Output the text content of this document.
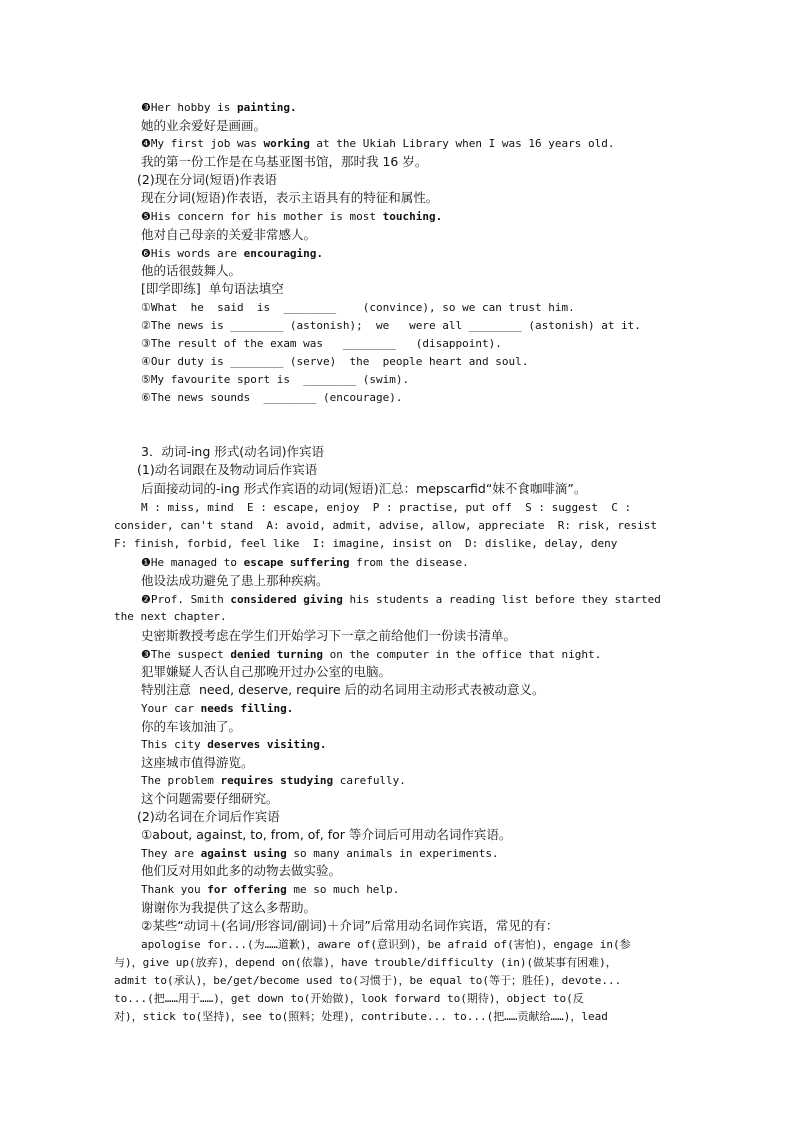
❸Her hobby is painting.
她的业余爱好是画画。
❹My first job was working at the Ukiah Library when I was 16 years old.
我的第一份工作是在乌基亚图书馆，那时我 16 岁。
(2)现在分词(短语)作表语
现在分词(短语)作表语，表示主语具有的特征和属性。
❺His concern for his mother is most touching.
他对自己母亲的关爱非常感人。
❻His words are encouraging.
他的话很鼓舞人。
[即学即练]  单句语法填空
①What  he  said  is  ________    (convince), so we can trust him.
②The news is ________ (astonish);  we   were all ________ (astonish) at it.
③The result of the exam was   ________   (disappoint).
④Our duty is ________ (serve)  the  people heart and soul.
⑤My favourite sport is  ________ (swim).
⑥The news sounds  ________ (encourage).
3．动词-ing 形式(动名词)作宾语
(1)动名词跟在及物动词后作宾语
后面接动词的-ing 形式作宾语的动词(短语)汇总：mepscarfid“妹不食咖啡滴”。
M : miss, mind  E : escape, enjoy  P : practise, put off  S : suggest  C :
consider, can't stand  A: avoid, admit, advise, allow, appreciate  R: risk, resist
F: finish, forbid, feel like  I: imagine, insist on  D: dislike, delay, deny
❶He managed to escape suffering from the disease.
他设法成功避免了患上那种疾病。
❷Prof. Smith considered giving his students a reading list before they started
the next chapter.
史密斯教授考虑在学生们开始学习下一章之前给他们一份读书清单。
❸The suspect denied turning on the computer in the office that night.
犯罪嫌疑人否认自己那晚开过办公室的电脑。
特别注意  need, deserve, require 后的动名词用主动形式表被动意义。
Your car needs filling.
你的车该加油了。
This city deserves visiting.
这座城市值得游览。
The problem requires studying carefully.
这个问题需要仔细研究。
(2)动名词在介词后作宾语
①about, against, to, from, of, for 等介词后可用动名词作宾语。
They are against using so many animals in experiments.
他们反对用如此多的动物去做实验。
Thank you for offering me so much help.
谢谢你为我提供了这么多帮助。
②某些“动词＋(名词/形容词/副词)＋介词”后常用动名词作宾语，常见的有：
apologise for...(为……道歉)，aware of(意识到)，be afraid of(害怕)，engage in(参
与)，give up(放弃)，depend on(依靠)，have trouble/difficulty (in)(做某事有困难)，
admit to(承认)，be/get/become used to(习惯于)，be equal to(等于；胜任)，devote...
to...(把……用于……)，get down to(开始做)，look forward to(期待)，object to(反
对)，stick to(坚持)，see to(照料；处理)，contribute... to...(把……贡献给……)，lead
